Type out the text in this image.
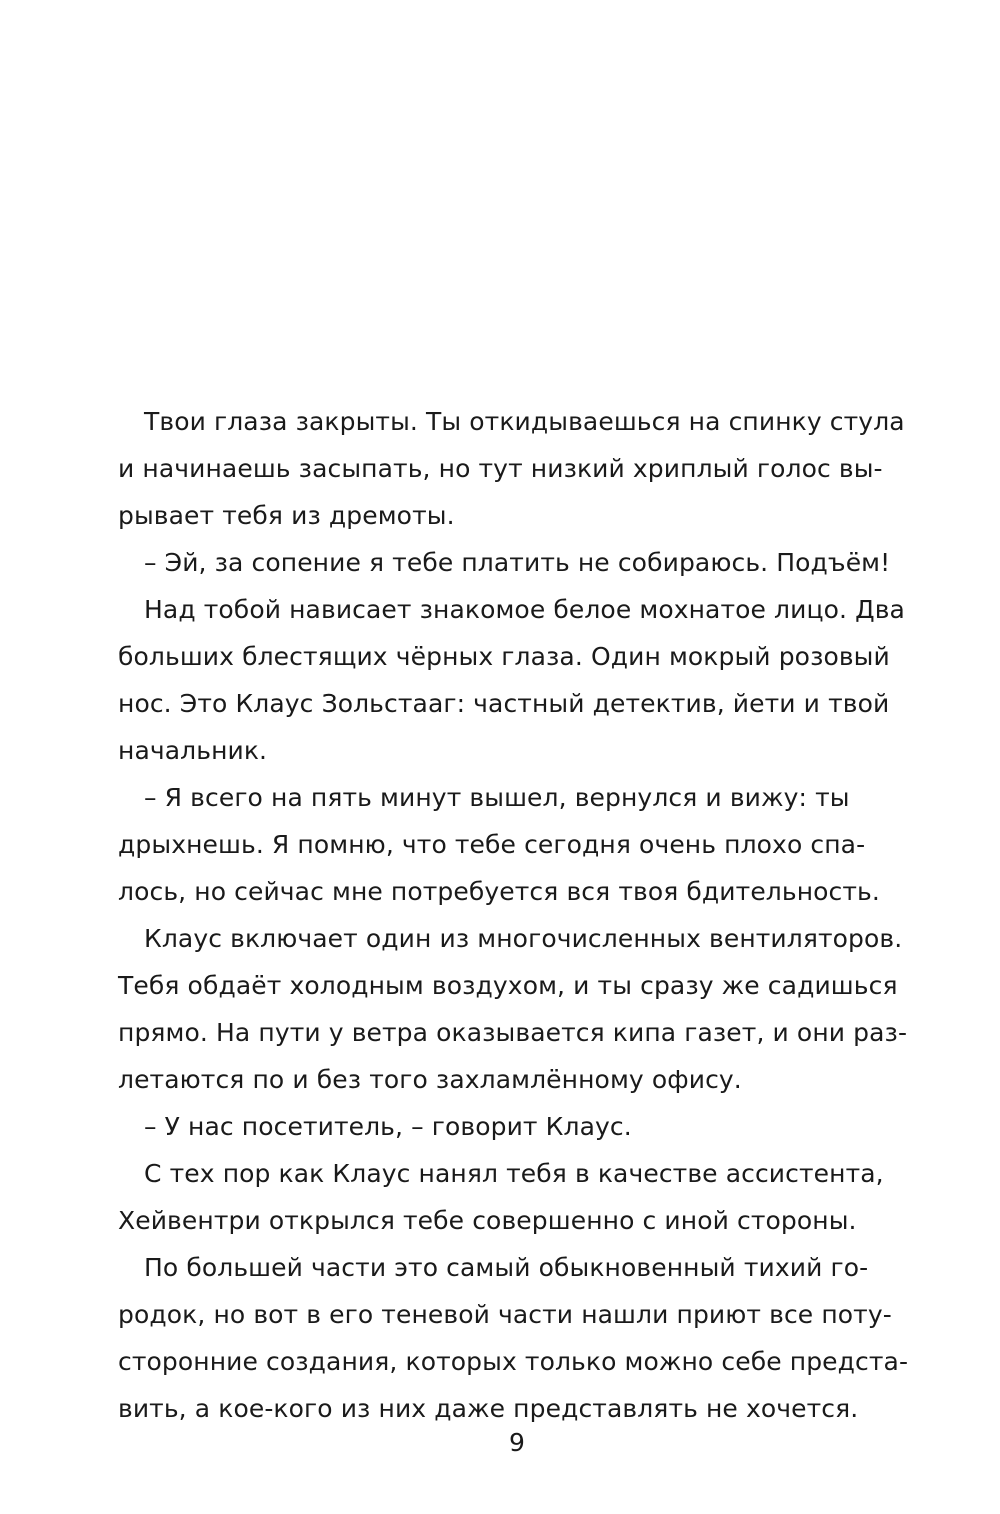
Твои глаза закрыты. Ты откидываешься на спинку стула
и начинаешь засыпать, но тут низкий хриплый голос вы-
рывает тебя из дремоты.
– Эй, за сопение я тебе платить не собираюсь. Подъём!
Над тобой нависает знакомое белое мохнатое лицо. Два
больших блестящих чёрных глаза. Один мокрый розовый
нос. Это Клаус Зольстааг: частный детектив, йети и твой
начальник.
– Я всего на пять минут вышел, вернулся и вижу: ты
дрыхнешь. Я помню, что тебе сегодня очень плохо спа-
лось, но сейчас мне потребуется вся твоя бдительность.
Клаус включает один из многочисленных вентиляторов.
Тебя обдаёт холодным воздухом, и ты сразу же садишься
прямо. На пути у ветра оказывается кипа газет, и они раз-
летаются по и без того захламлённому офису.
– У нас посетитель, – говорит Клаус.
С тех пор как Клаус нанял тебя в качестве ассистента,
Хейвентри открылся тебе совершенно с иной стороны.
По большей части это самый обыкновенный тихий го-
родок, но вот в его теневой части нашли приют все поту-
сторонние создания, которых только можно себе предста-
вить, а кое-кого из них даже представлять не хочется.
9
